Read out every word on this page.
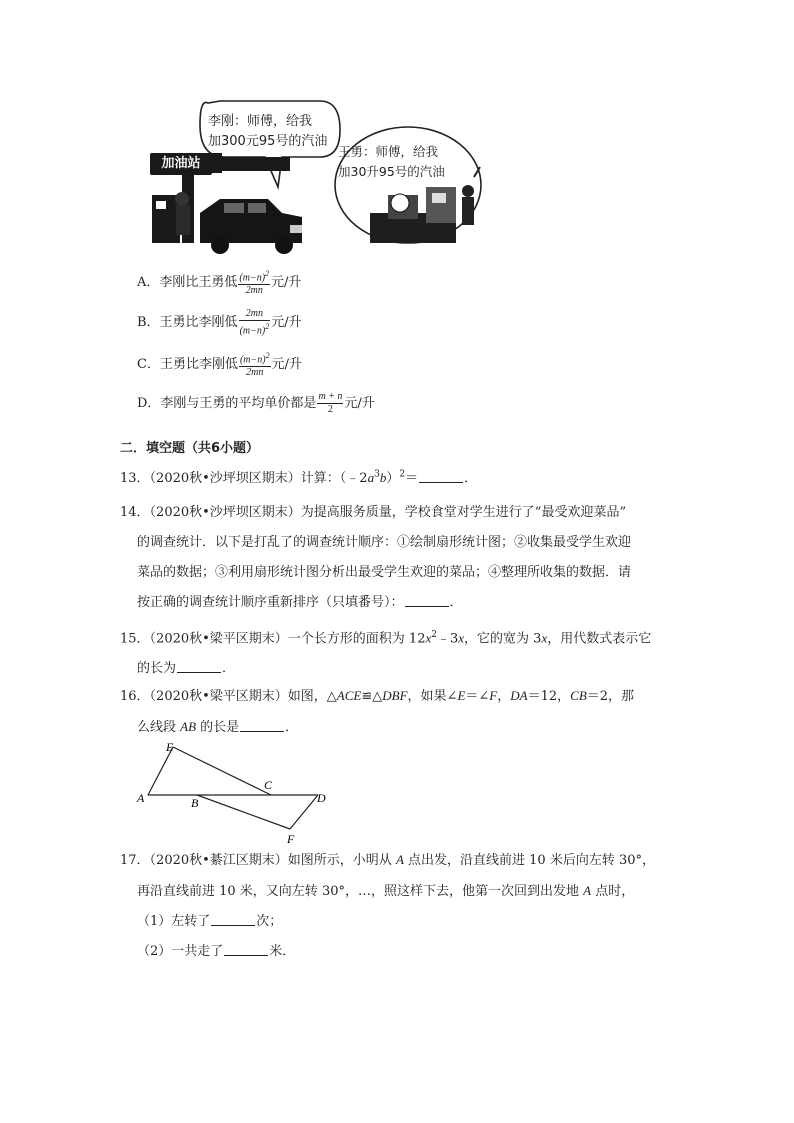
加油站
李刚：师傅，给我
加300元95号的汽油
王勇：师傅，给我
加30升95号的汽油
A．李刚比王勇低 $\frac{(m-n)^2}{2mn}$ 元/升
B．王勇比李刚低 $\frac{2mn}{(m-n)^2}$ 元/升
C．王勇比李刚低 $\frac{(m-n)^2}{2mn}$ 元/升
D．李刚与王勇的平均单价都是 $\frac{m + n}{2}$ 元/升
二．填空题（共6小题）
13．（2020秋•沙坪坝区期末）计算：$(﹣2a^3b)^2=$	．
14．（2020秋•沙坪坝区期末）为提高服务质量，学校食堂对学生进行了“最受欢迎菜品”
的调查统计．以下是打乱了的调查统计顺序：①绘制扇形统计图；②收集最受学生欢迎
菜品的数据；③利用扇形统计图分析出最受学生欢迎的菜品；④整理所收集的数据．请
按正确的调查统计顺序重新排序（只填番号）：	．
15．（2020秋•梁平区期末）一个长方形的面积为 $12x^2﹣3x$，它的宽为 3x，用代数式表示它
的长为	．
16．（2020秋•梁平区期末）如图，△ACE≌△DBF，如果∠E＝∠F，DA＝12，CB＝2，那
么线段 AB 的长是	．
E
C
A	B	D
F
17．（2020秋•綦江区期末）如图所示，小明从 A 点出发，沿直线前进 10 米后向左转 30°，
再沿直线前进 10 米，又向左转 30°，…，照这样下去，他第一次回到出发地 A 点时，
（1）左转了	次；
（2）一共走了	米．
